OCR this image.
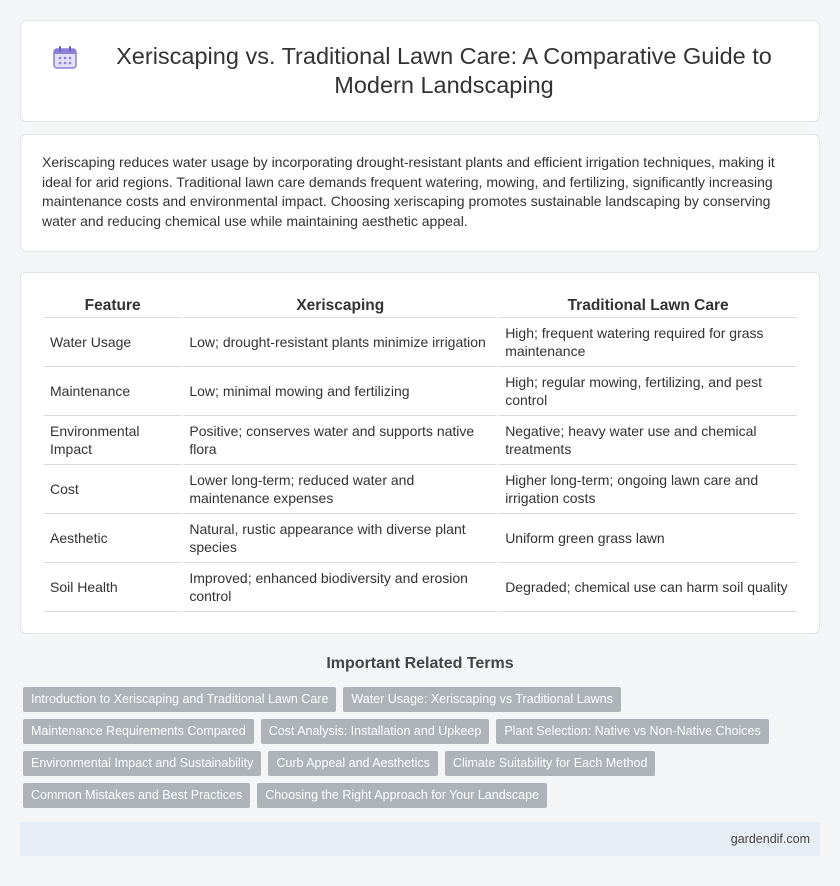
Xeriscaping vs. Traditional Lawn Care: A Comparative Guide to Modern Landscaping

Xeriscaping reduces water usage by incorporating drought-resistant plants and efficient irrigation techniques, making it ideal for arid regions. Traditional lawn care demands frequent watering, mowing, and fertilizing, significantly increasing maintenance costs and environmental impact. Choosing xeriscaping promotes sustainable landscaping by conserving water and reducing chemical use while maintaining aesthetic appeal.

Feature	Xeriscaping	Traditional Lawn Care
Water Usage	Low; drought-resistant plants minimize irrigation	High; frequent watering required for grass maintenance
Maintenance	Low; minimal mowing and fertilizing	High; regular mowing, fertilizing, and pest control
Environmental Impact	Positive; conserves water and supports native flora	Negative; heavy water use and chemical treatments
Cost	Lower long-term; reduced water and maintenance expenses	Higher long-term; ongoing lawn care and irrigation costs
Aesthetic	Natural, rustic appearance with diverse plant species	Uniform green grass lawn
Soil Health	Improved; enhanced biodiversity and erosion control	Degraded; chemical use can harm soil quality
Important Related Terms
Introduction to Xeriscaping and Traditional Lawn Care	Water Usage: Xeriscaping vs Traditional Lawns
Maintenance Requirements Compared	Cost Analysis: Installation and Upkeep	Plant Selection: Native vs Non-Native Choices
Environmental Impact and Sustainability	Curb Appeal and Aesthetics	Climate Suitability for Each Method
Common Mistakes and Best Practices	Choosing the Right Approach for Your Landscape
gardendif.com
